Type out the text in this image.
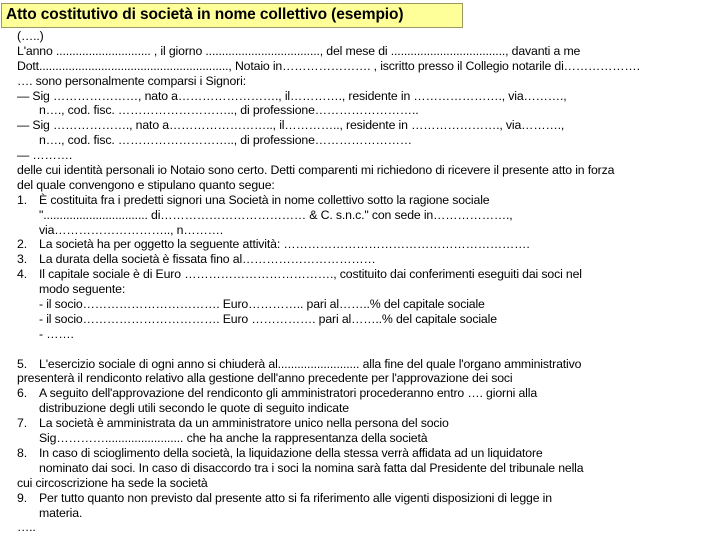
Atto costitutivo di società in nome collettivo (esempio)
(…..)
L'anno ............................. , il giorno ..................................., del mese di ..................................., davanti a me
Dott.........................................................., Notaio in…………………. , iscritto presso il Collegio notarile di……………….
…. sono personalmente comparsi i Signori:
— Sig …………………, nato a……………………., il…………., residente in …………………., via……….,
n…., cod. fisc. ……………………….., di professione……………………..
— Sig ………………., nato a…………………….., il………….., residente in …………………., via……….,
n…., cod. fisc. ……………………….., di professione……………………
— ……….
delle cui identità personali io Notaio sono certo. Detti comparenti mi richiedono di ricevere il presente atto in forza
del quale convengono e stipulano quanto segue:
1. È costituita fra i predetti signori una Società in nome collettivo sotto la ragione sociale
"................................ di……………………………… & C. s.n.c." con sede in……………….,
via……………………….., n……….
2. La società ha per oggetto la seguente attività: …………………………………………………….
3. La durata della società è fissata fino al……………………………
4. Il capitale sociale è di Euro ………………………………., costituito dai conferimenti eseguiti dai soci nel
modo seguente:
- il socio……………………………. Euro………….. pari al……..% del capitale sociale
- il socio……………………………. Euro ……………. pari al……..% del capitale sociale
- …….
5. L'esercizio sociale di ogni anno si chiuderà al......................... alla fine del quale l'organo amministrativo
presenterà il rendiconto relativo alla gestione dell'anno precedente per l'approvazione dei soci
6. A seguito dell'approvazione del rendiconto gli amministratori procederanno entro …. giorni alla
distribuzione degli utili secondo le quote di seguito indicate
7. La società è amministrata da un amministratore unico nella persona del socio
Sig…………........................ che ha anche la rappresentanza della società
8. In caso di scioglimento della società, la liquidazione della stessa verrà affidata ad un liquidatore
nominato dai soci. In caso di disaccordo tra i soci la nomina sarà fatta dal Presidente del tribunale nella
cui circoscrizione ha sede la società
9. Per tutto quanto non previsto dal presente atto si fa riferimento alle vigenti disposizioni di legge in
materia.
…..
